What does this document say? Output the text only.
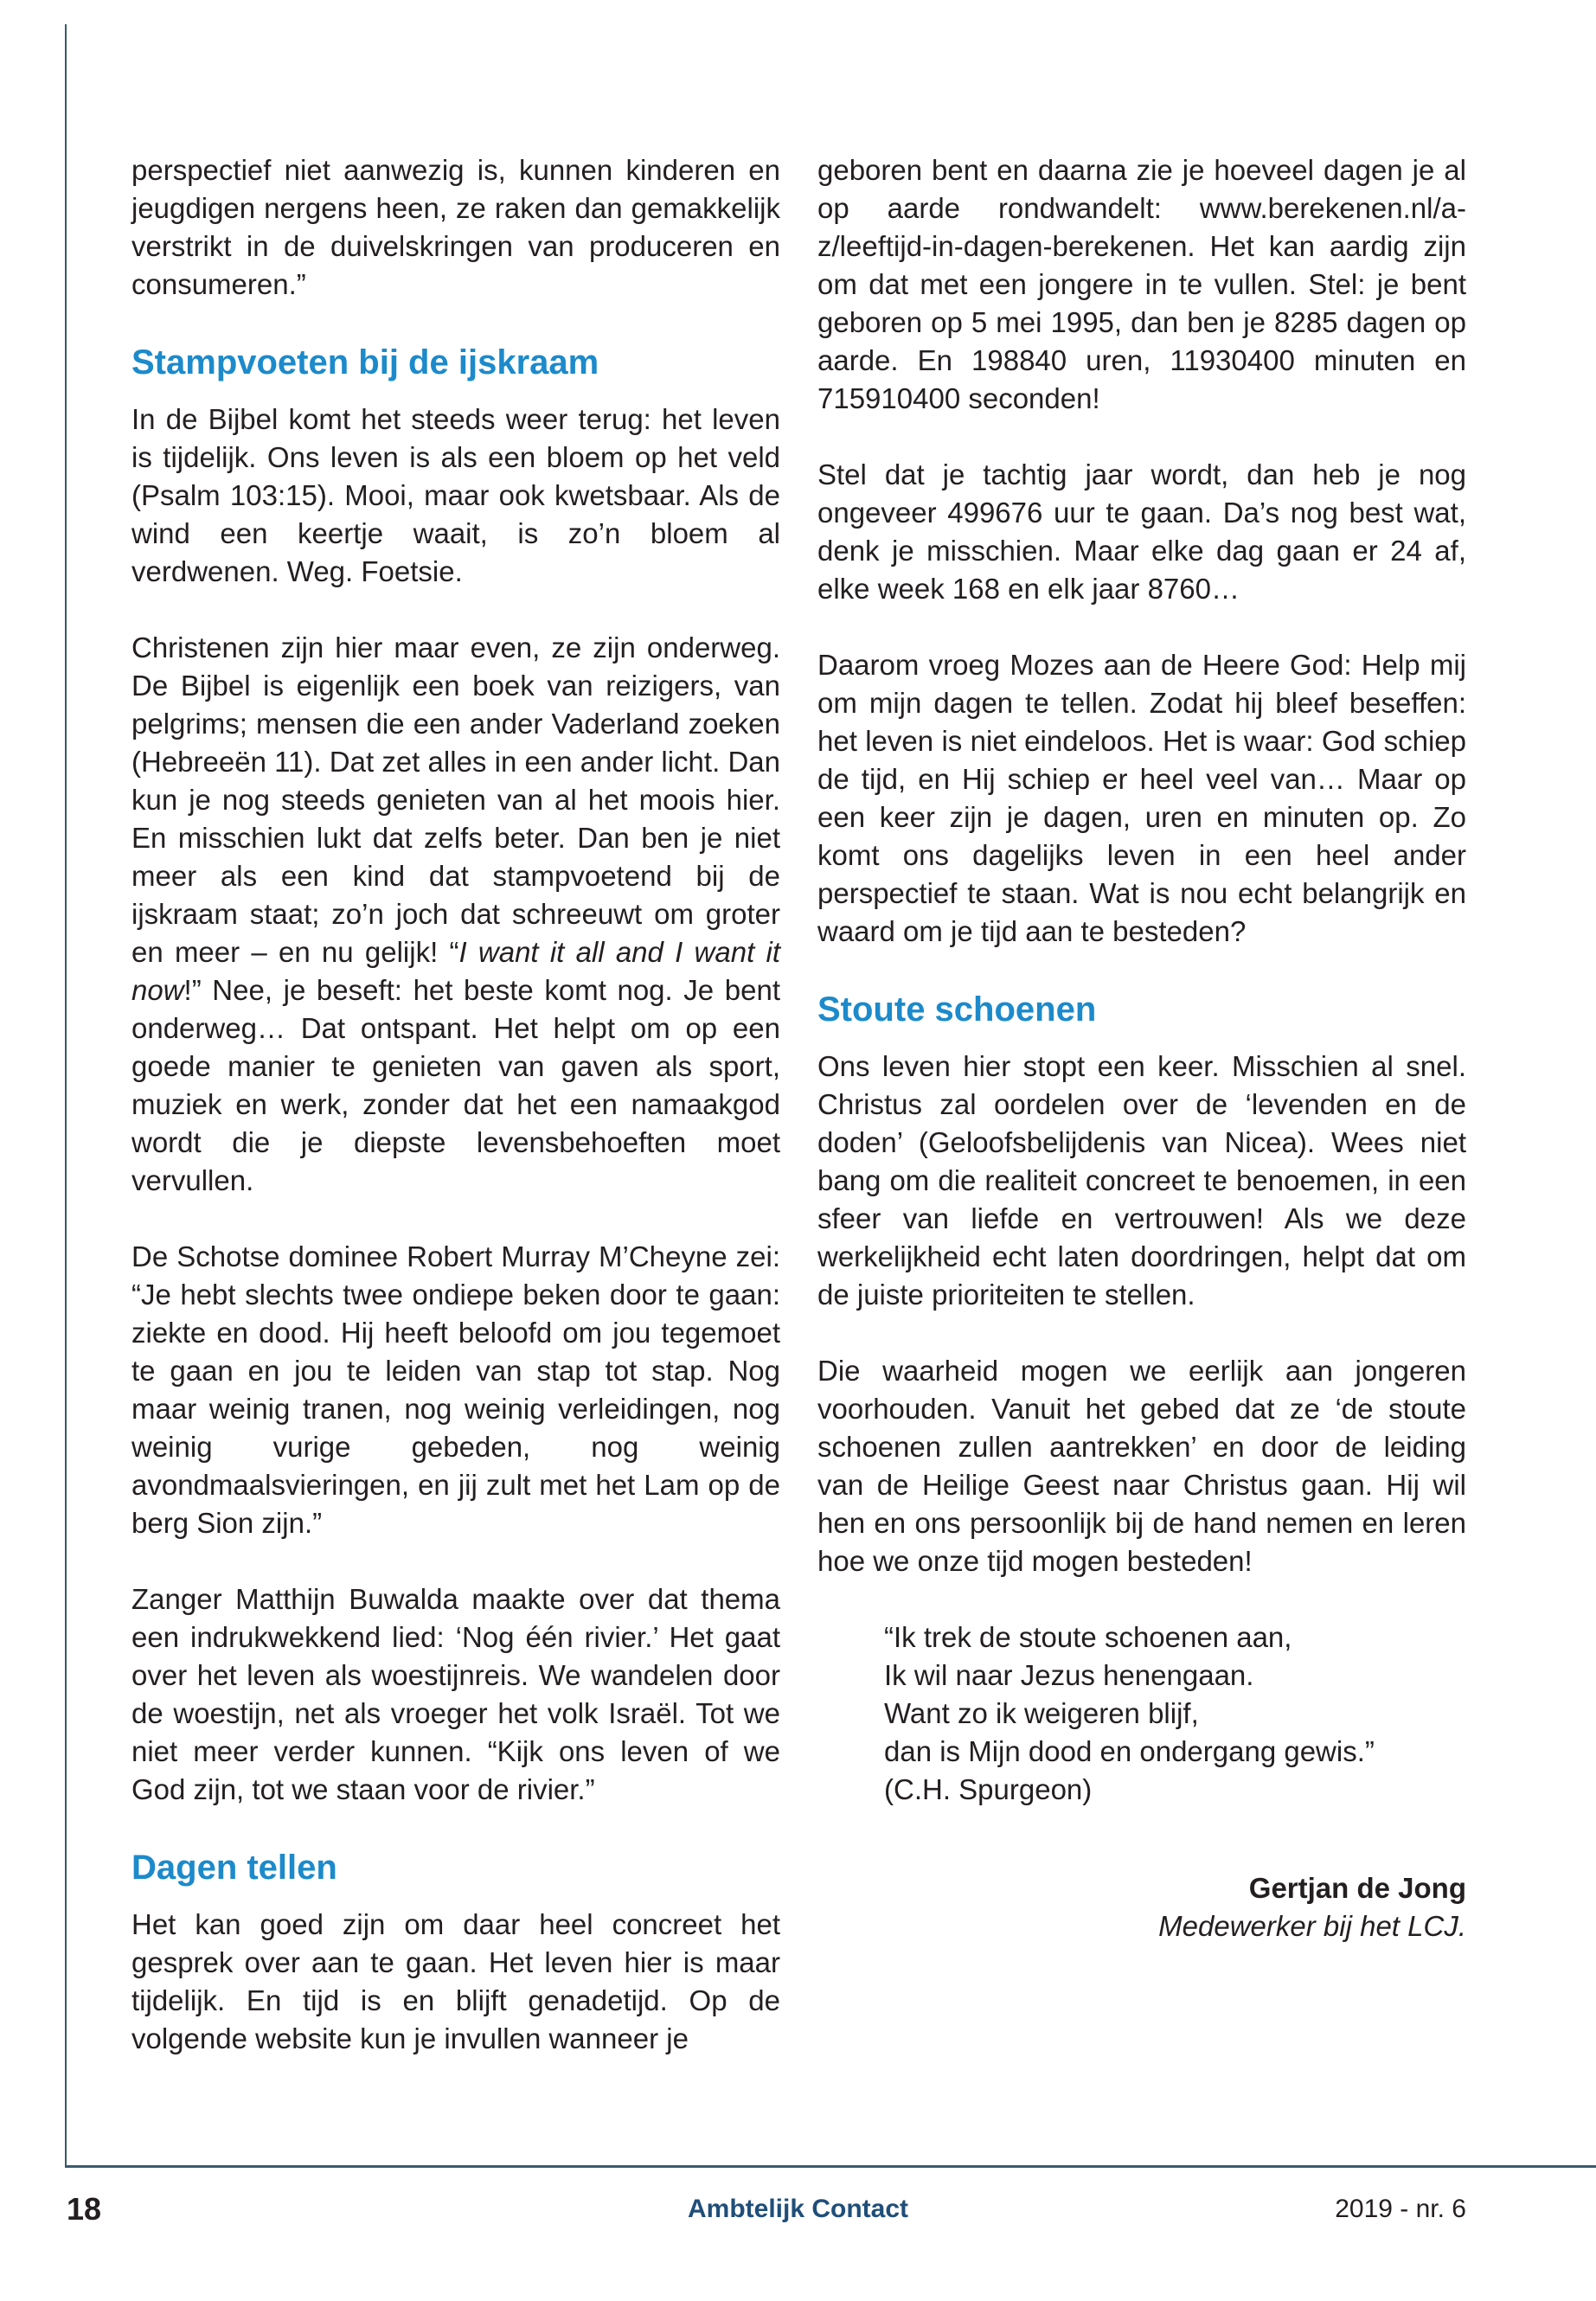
perspectief niet aanwezig is, kunnen kinderen en jeugdigen nergens heen, ze raken dan gemakkelijk verstrikt in de duivelskringen van produceren en consumeren.”

Stampvoeten bij de ijskraam

In de Bijbel komt het steeds weer terug: het leven is tijdelijk. Ons leven is als een bloem op het veld (Psalm 103:15). Mooi, maar ook kwetsbaar. Als de wind een keertje waait, is zo’n bloem al verdwenen. Weg. Foetsie.

Christenen zijn hier maar even, ze zijn onderweg. De Bijbel is eigenlijk een boek van reizigers, van pelgrims; mensen die een ander Vaderland zoeken (Hebreeën 11). Dat zet alles in een ander licht. Dan kun je nog steeds genieten van al het moois hier. En misschien lukt dat zelfs beter. Dan ben je niet meer als een kind dat stampvoetend bij de ijskraam staat; zo’n joch dat schreeuwt om groter en meer – en nu gelijk! “I want it all and I want it now!” Nee, je beseft: het beste komt nog. Je bent onderweg… Dat ontspant. Het helpt om op een goede manier te genieten van gaven als sport, muziek en werk, zonder dat het een namaakgod wordt die je diepste levensbehoeften moet vervullen.

De Schotse dominee Robert Murray M’Cheyne zei: “Je hebt slechts twee ondiepe beken door te gaan: ziekte en dood. Hij heeft beloofd om jou tegemoet te gaan en jou te leiden van stap tot stap. Nog maar weinig tranen, nog weinig verleidingen, nog weinig vurige gebeden, nog weinig avondmaalsvieringen, en jij zult met het Lam op de berg Sion zijn.”

Zanger Matthijn Buwalda maakte over dat thema een indrukwekkend lied: ‘Nog één rivier.’ Het gaat over het leven als woestijnreis. We wandelen door de woestijn, net als vroeger het volk Israël. Tot we niet meer verder kunnen. “Kijk ons leven of we God zijn, tot we staan voor de rivier.”

Dagen tellen

Het kan goed zijn om daar heel concreet het gesprek over aan te gaan. Het leven hier is maar tijdelijk. En tijd is en blijft genadetijd. Op de volgende website kun je invullen wanneer je

geboren bent en daarna zie je hoeveel dagen je al op aarde rondwandelt: www.berekenen.nl/a-z/leeftijd-in-dagen-berekenen. Het kan aardig zijn om dat met een jongere in te vullen. Stel: je bent geboren op 5 mei 1995, dan ben je 8285 dagen op aarde. En 198840 uren, 11930400 minuten en 715910400 seconden!

Stel dat je tachtig jaar wordt, dan heb je nog ongeveer 499676 uur te gaan. Da’s nog best wat, denk je misschien. Maar elke dag gaan er 24 af, elke week 168 en elk jaar 8760…

Daarom vroeg Mozes aan de Heere God: Help mij om mijn dagen te tellen. Zodat hij bleef beseffen: het leven is niet eindeloos. Het is waar: God schiep de tijd, en Hij schiep er heel veel van… Maar op een keer zijn je dagen, uren en minuten op. Zo komt ons dagelijks leven in een heel ander perspectief te staan. Wat is nou echt belangrijk en waard om je tijd aan te besteden?

Stoute schoenen

Ons leven hier stopt een keer. Misschien al snel. Christus zal oordelen over de ‘levenden en de doden’ (Geloofsbelijdenis van Nicea). Wees niet bang om die realiteit concreet te benoemen, in een sfeer van liefde en vertrouwen! Als we deze werkelijkheid echt laten doordringen, helpt dat om de juiste prioriteiten te stellen.

Die waarheid mogen we eerlijk aan jongeren voorhouden. Vanuit het gebed dat ze ‘de stoute schoenen zullen aantrekken’ en door de leiding van de Heilige Geest naar Christus gaan. Hij wil hen en ons persoonlijk bij de hand nemen en leren hoe we onze tijd mogen besteden!

“Ik trek de stoute schoenen aan,
Ik wil naar Jezus henengaan.
Want zo ik weigeren blijf,
dan is Mijn dood en ondergang gewis.”
(C.H. Spurgeon)
Gertjan de Jong
Medewerker bij het LCJ.
18	Ambtelijk Contact	2019 - nr. 6
